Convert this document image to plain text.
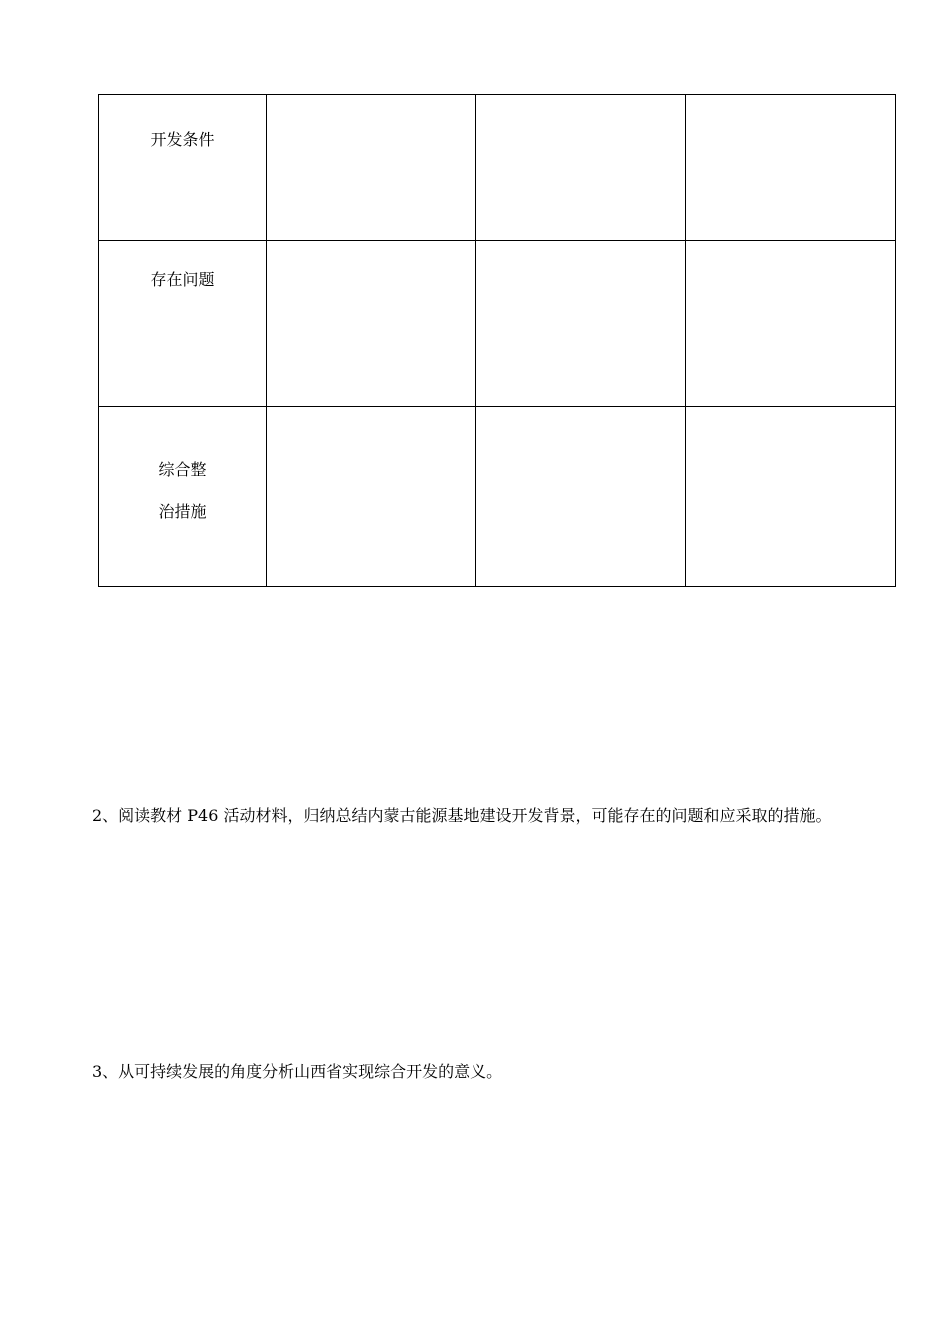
开发条件			

存在问题			

综合整
治措施			

2、阅读教材 P46 活动材料，归纳总结内蒙古能源基地建设开发背景，可能存在的问题和应采取的措施。
3、从可持续发展的角度分析山西省实现综合开发的意义。
